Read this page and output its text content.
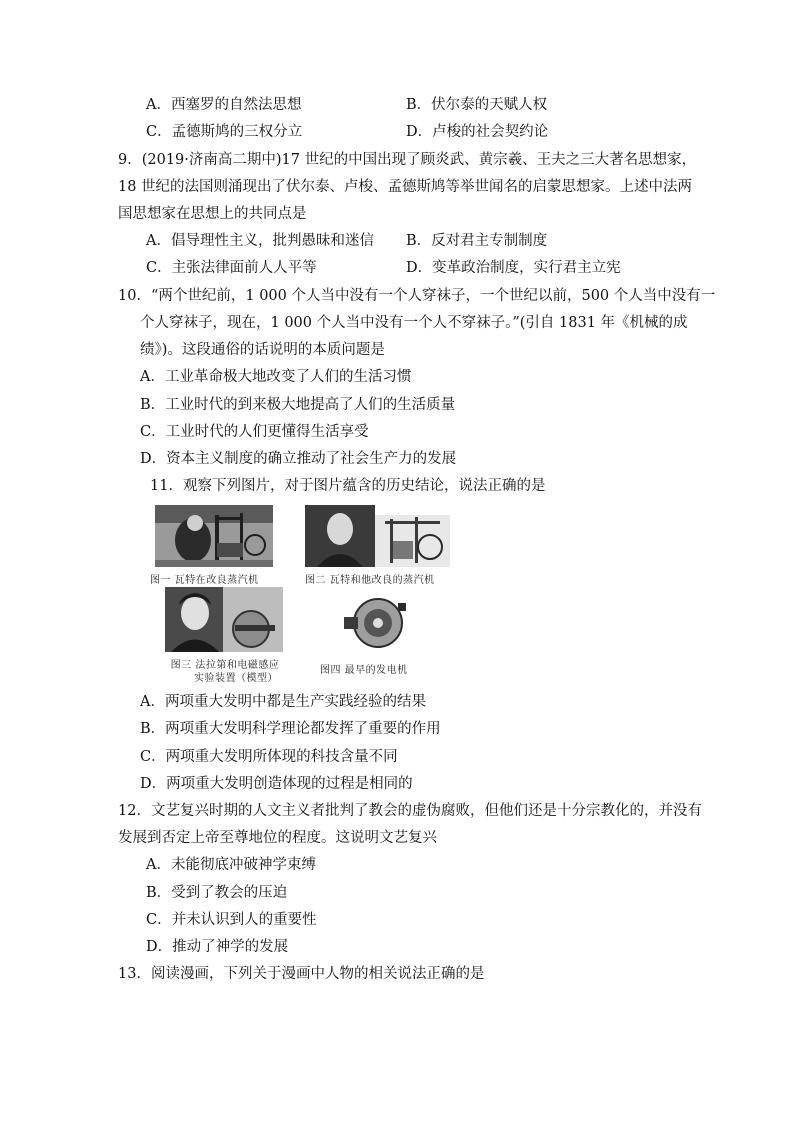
A．西塞罗的自然法思想	B．伏尔泰的天赋人权
C．孟德斯鸠的三权分立	D．卢梭的社会契约论
9．(2019·济南高二期中)17 世纪的中国出现了顾炎武、黄宗羲、王夫之三大著名思想家，
18 世纪的法国则涌现出了伏尔泰、卢梭、孟德斯鸠等举世闻名的启蒙思想家。上述中法两
国思想家在思想上的共同点是
A．倡导理性主义，批判愚昧和迷信 B．反对君主专制制度
C．主张法律面前人人平等	D．变革政治制度，实行君主立宪
10．“两个世纪前，1 000 个人当中没有一个人穿袜子，一个世纪以前，500 个人当中没有一
个人穿袜子，现在，1 000 个人当中没有一个人不穿袜子。”(引自 1831 年《机械的成
绩》)。这段通俗的话说明的本质问题是
A．工业革命极大地改变了人们的生活习惯
B．工业时代的到来极大地提高了人们的生活质量
C．工业时代的人们更懂得生活享受
D．资本主义制度的确立推动了社会生产力的发展
11．观察下列图片，对于图片蕴含的历史结论，说法正确的是
图一 瓦特在改良蒸汽机	图二 瓦特和他改良的蒸汽机
图三 法拉第和电磁感应
实验装置（模型）
图四 最早的发电机
A．两项重大发明中都是生产实践经验的结果
B．两项重大发明科学理论都发挥了重要的作用
C．两项重大发明所体现的科技含量不同
D．两项重大发明创造体现的过程是相同的
12．文艺复兴时期的人文主义者批判了教会的虚伪腐败，但他们还是十分宗教化的，并没有
发展到否定上帝至尊地位的程度。这说明文艺复兴
A．未能彻底冲破神学束缚
B．受到了教会的压迫
C．并未认识到人的重要性
D．推动了神学的发展
13．阅读漫画，下列关于漫画中人物的相关说法正确的是
